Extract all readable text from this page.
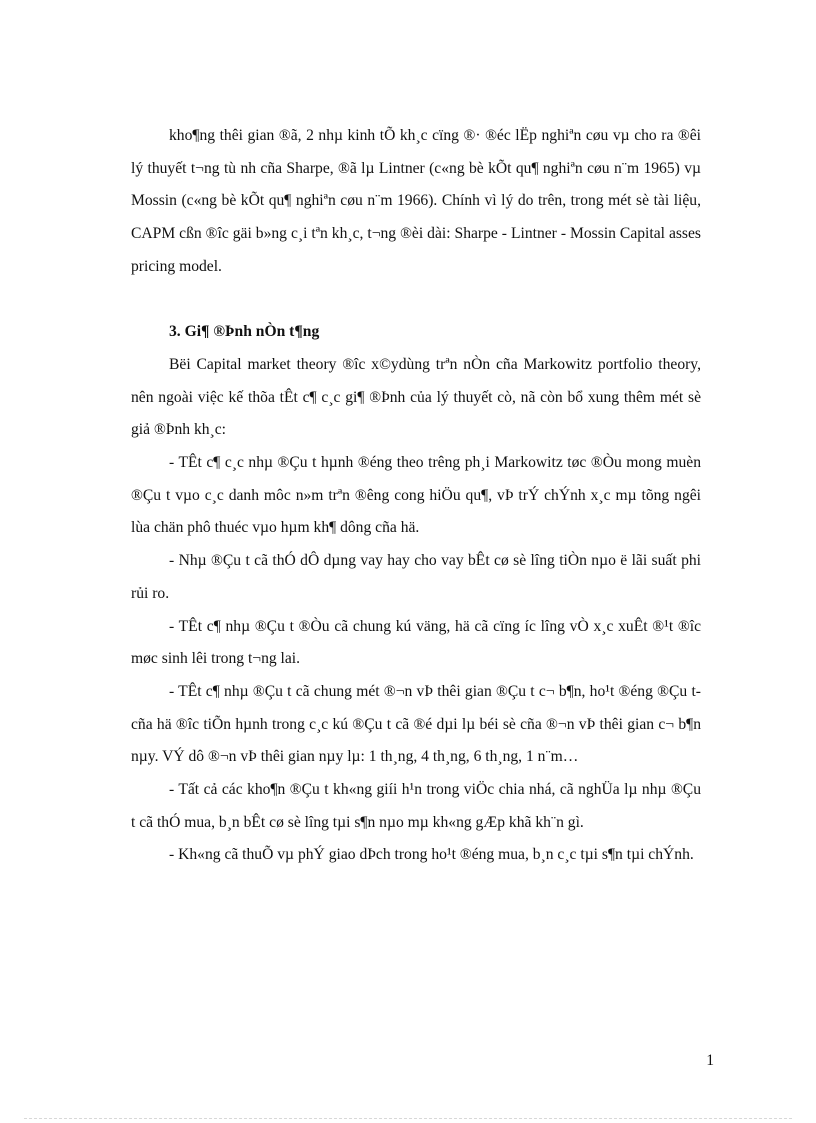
kho¶ng thêi gian ®ã, 2 nhµ kinh tÕ kh¸c cïng ®· ®éc lËp nghiªn cøu vµ cho ra ®êi lý thuyết t¬ng tù nh cña Sharpe, ®ã lµ Lintner (c«ng bè kÕt qu¶ nghiªn cøu n¨m 1965) vµ Mossin (c«ng bè kÕt qu¶ nghiªn cøu n¨m 1966). Chính vì lý do trên, trong mét sè tài liệu, CAPM cßn ®îc gäi b»ng c¸i tªn kh¸c, t¬ng ®èi dài: Sharpe - Lintner - Mossin Capital asses pricing model.

3. Gi¶ ®Þnh nÒn t¶ng

Bëi Capital market theory ®îc x©ydùng trªn nÒn cña Markowitz portfolio theory, nên ngoài việc kế thõa tÊt c¶ c¸c gi¶ ®Þnh của lý thuyết cò, nã còn bổ xung thêm mét sè giả ®Þnh kh¸c:

- TÊt c¶ c¸c nhµ ®Çu t hµnh ®éng theo trêng ph¸i Markowitz tøc ®Òu mong muèn ®Çu t vµo c¸c danh môc n»m trªn ®êng cong hiÖu qu¶, vÞ trÝ chÝnh x¸c mµ tõng ngêi lùa chän phô thuéc vµo hµm kh¶ dông cña hä.

- Nhµ ®Çu t cã thÓ dÔ dµng vay hay cho vay bÊt cø sè lîng tiÒn nµo ë lãi suất phi rủi ro.

- TÊt c¶ nhµ ®Çu t ®Òu cã chung kú väng, hä cã cïng íc lîng vÒ x¸c xuÊt ®¹t ®îc møc sinh lêi trong t¬ng lai.

- TÊt c¶ nhµ ®Çu t cã chung mét ®¬n vÞ thêi gian ®Çu t c¬ b¶n, ho¹t ®éng ®Çu t cña hä ®îc tiÕn hµnh trong c¸c kú ®Çu t cã ®é dµi lµ béi sè cña ®¬n vÞ thêi gian c¬ b¶n nµy. VÝ dô ®¬n vÞ thêi gian nµy lµ: 1 th¸ng, 4 th¸ng, 6 th¸ng, 1 n¨m…

- Tất cả các kho¶n ®Çu t kh«ng giíi h¹n trong viÖc chia nhá, cã nghÜa lµ nhµ ®Çu t cã thÓ mua, b¸n bÊt cø sè lîng tµi s¶n nµo mµ kh«ng gÆp khã kh¨n gì.

- Kh«ng cã thuÕ vµ phÝ giao dÞch trong ho¹t ®éng mua, b¸n c¸c tµi s¶n tµi chÝnh.

1
